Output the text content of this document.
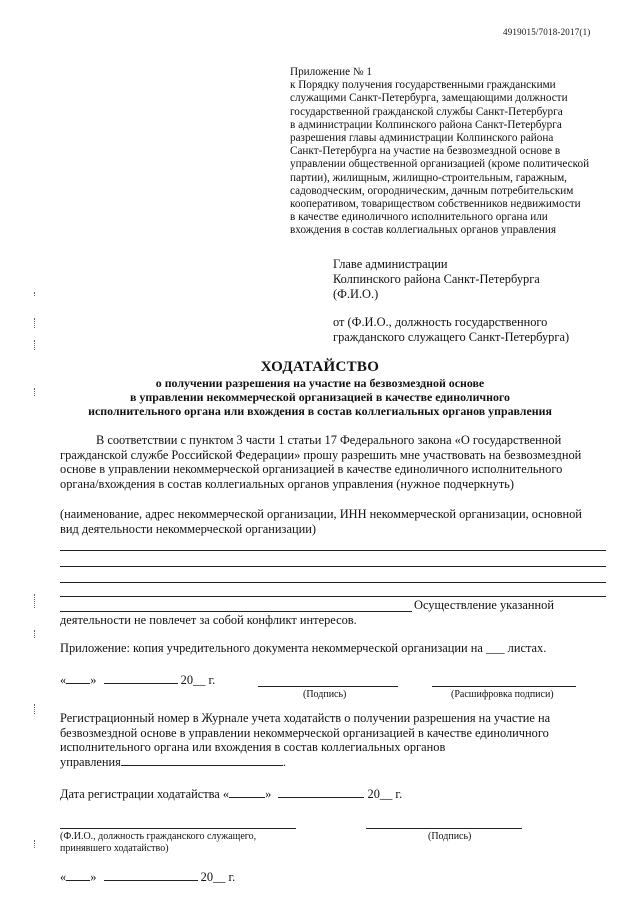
4919015/7018-2017(1)
Приложение № 1
к Порядку получения государственными гражданскими
служащими Санкт-Петербурга, замещающими должности
государственной гражданской службы Санкт-Петербурга
в администрации Колпинского района Санкт-Петербурга
разрешения главы администрации Колпинского района
Санкт-Петербурга на участие на безвозмездной основе в
управлении общественной организацией (кроме политической
партии), жилищным, жилищно-строительным, гаражным,
садоводческим, огородническим, дачным потребительским
кооперативом, товариществом собственников недвижимости
в качестве единоличного исполнительного органа или
вхождения в состав коллегиальных органов управления
Главе администрации
Колпинского района Санкт-Петербурга
(Ф.И.О.)
от (Ф.И.О., должность государственного
гражданского служащего Санкт-Петербурга)
ХОДАТАЙСТВО
о получении разрешения на участие на безвозмездной основе
в управлении некоммерческой организацией в качестве единоличного
исполнительного органа или вхождения в состав коллегиальных органов управления
В соответствии с пунктом 3 части 1 статьи 17 Федерального закона «О государственной
гражданской службе Российской Федерации» прошу разрешить мне участвовать на безвозмездной
основе в управлении некоммерческой организацией в качестве единоличного исполнительного
органа/вхождения в состав коллегиальных органов управления (нужное подчеркнуть)
(наименование, адрес некоммерческой организации, ИНН некоммерческой организации, основной
вид деятельности некоммерческой организации)
Осуществление указанной
деятельности не повлечет за собой конфликт интересов.
Приложение: копия учредительного документа некоммерческой организации на ___ листах.
« »	20__ г.
(Подпись)	(Расшифровка подписи)
Регистрационный номер в Журнале учета ходатайств о получении разрешения на участие на
безвозмездной основе в управлении некоммерческой организацией в качестве единоличного
исполнительного органа или вхождения в состав коллегиальных органов
управления	.
Дата регистрации ходатайства «	»	20__ г.
(Ф.И.О., должность гражданского служащего,
принявшего ходатайство)
(Подпись)
« »	20__ г.
